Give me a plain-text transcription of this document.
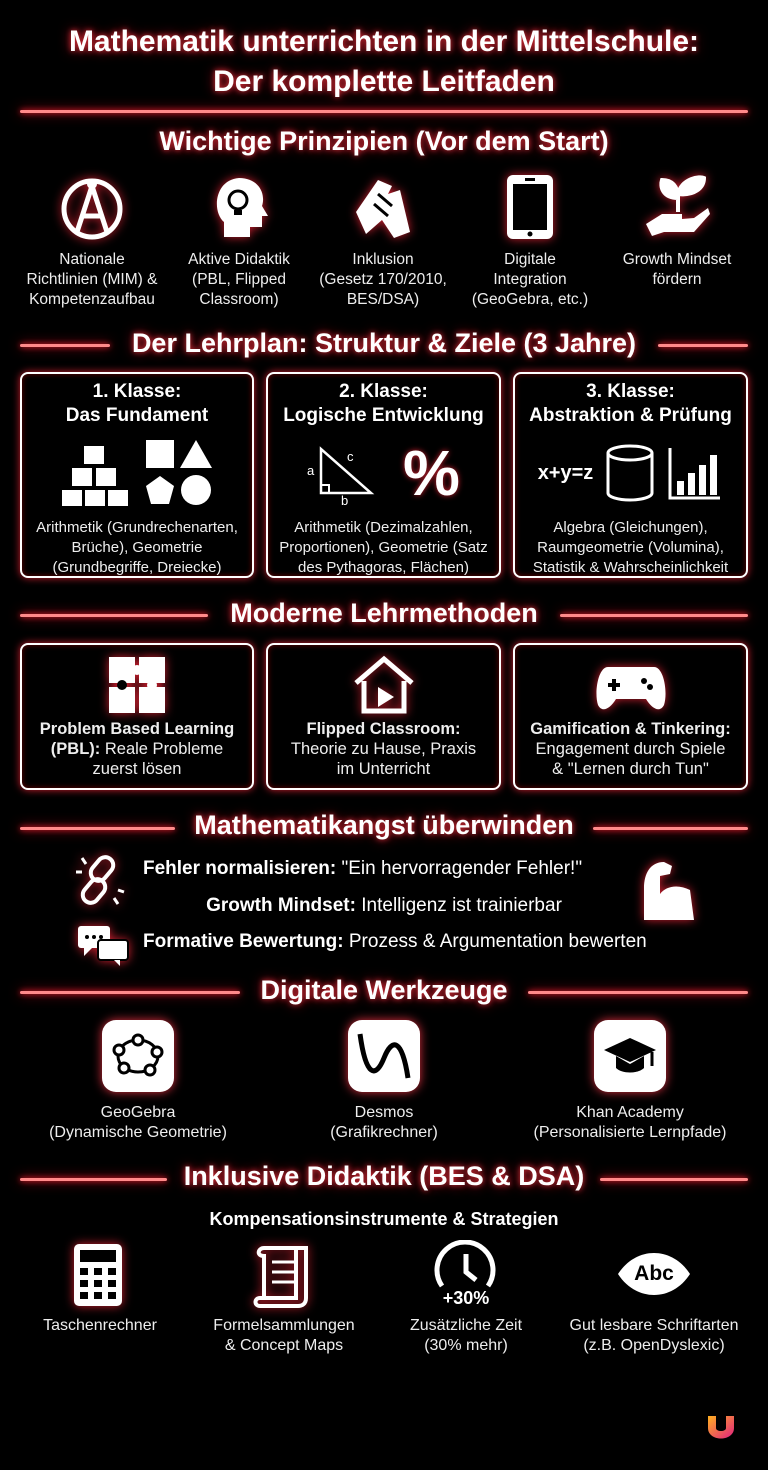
Mathematik unterrichten in der Mittelschule:
Der komplette Leitfaden
Wichtige Prinzipien (Vor dem Start)
Nationale
Richtlinien (MIM) &
Kompetenzaufbau
Aktive Didaktik
(PBL, Flipped
Classroom)
Inklusion
(Gesetz 170/2010,
BES/DSA)
Digitale
Integration
(GeoGebra, etc.)
Growth Mindset
fördern
Der Lehrplan: Struktur & Ziele (3 Jahre)
1. Klasse:
Das Fundament
Arithmetik (Grundrechenarten,
Brüche), Geometrie
(Grundbegriffe, Dreiecke)
2. Klasse:
Logische Entwicklung
a
c
b %
Arithmetik (Dezimalzahlen,
Proportionen), Geometrie (Satz
des Pythagoras, Flächen)
3. Klasse:
Abstraktion & Prüfung
x+y=z
Algebra (Gleichungen),
Raumgeometrie (Volumina),
Statistik & Wahrscheinlichkeit
Moderne Lehrmethoden
Problem Based Learning
(PBL): Reale Probleme
zuerst lösen
Flipped Classroom:
Theorie zu Hause, Praxis
im Unterricht
Gamification & Tinkering:
Engagement durch Spiele
& "Lernen durch Tun"
Mathematikangst überwinden
Fehler normalisieren: "Ein hervorragender Fehler!"
Growth Mindset: Intelligenz ist trainierbar
Formative Bewertung: Prozess & Argumentation bewerten
Digitale Werkzeuge
GeoGebra
(Dynamische Geometrie)
Desmos
(Grafikrechner)
Khan Academy
(Personalisierte Lernpfade)
Inklusive Didaktik (BES & DSA)
Kompensationsinstrumente & Strategien
+30%
Abc
Taschenrechner	Formelsammlungen
& Concept Maps
Zusätzliche Zeit
(30% mehr)
Gut lesbare Schriftarten
(z.B. OpenDyslexic)
